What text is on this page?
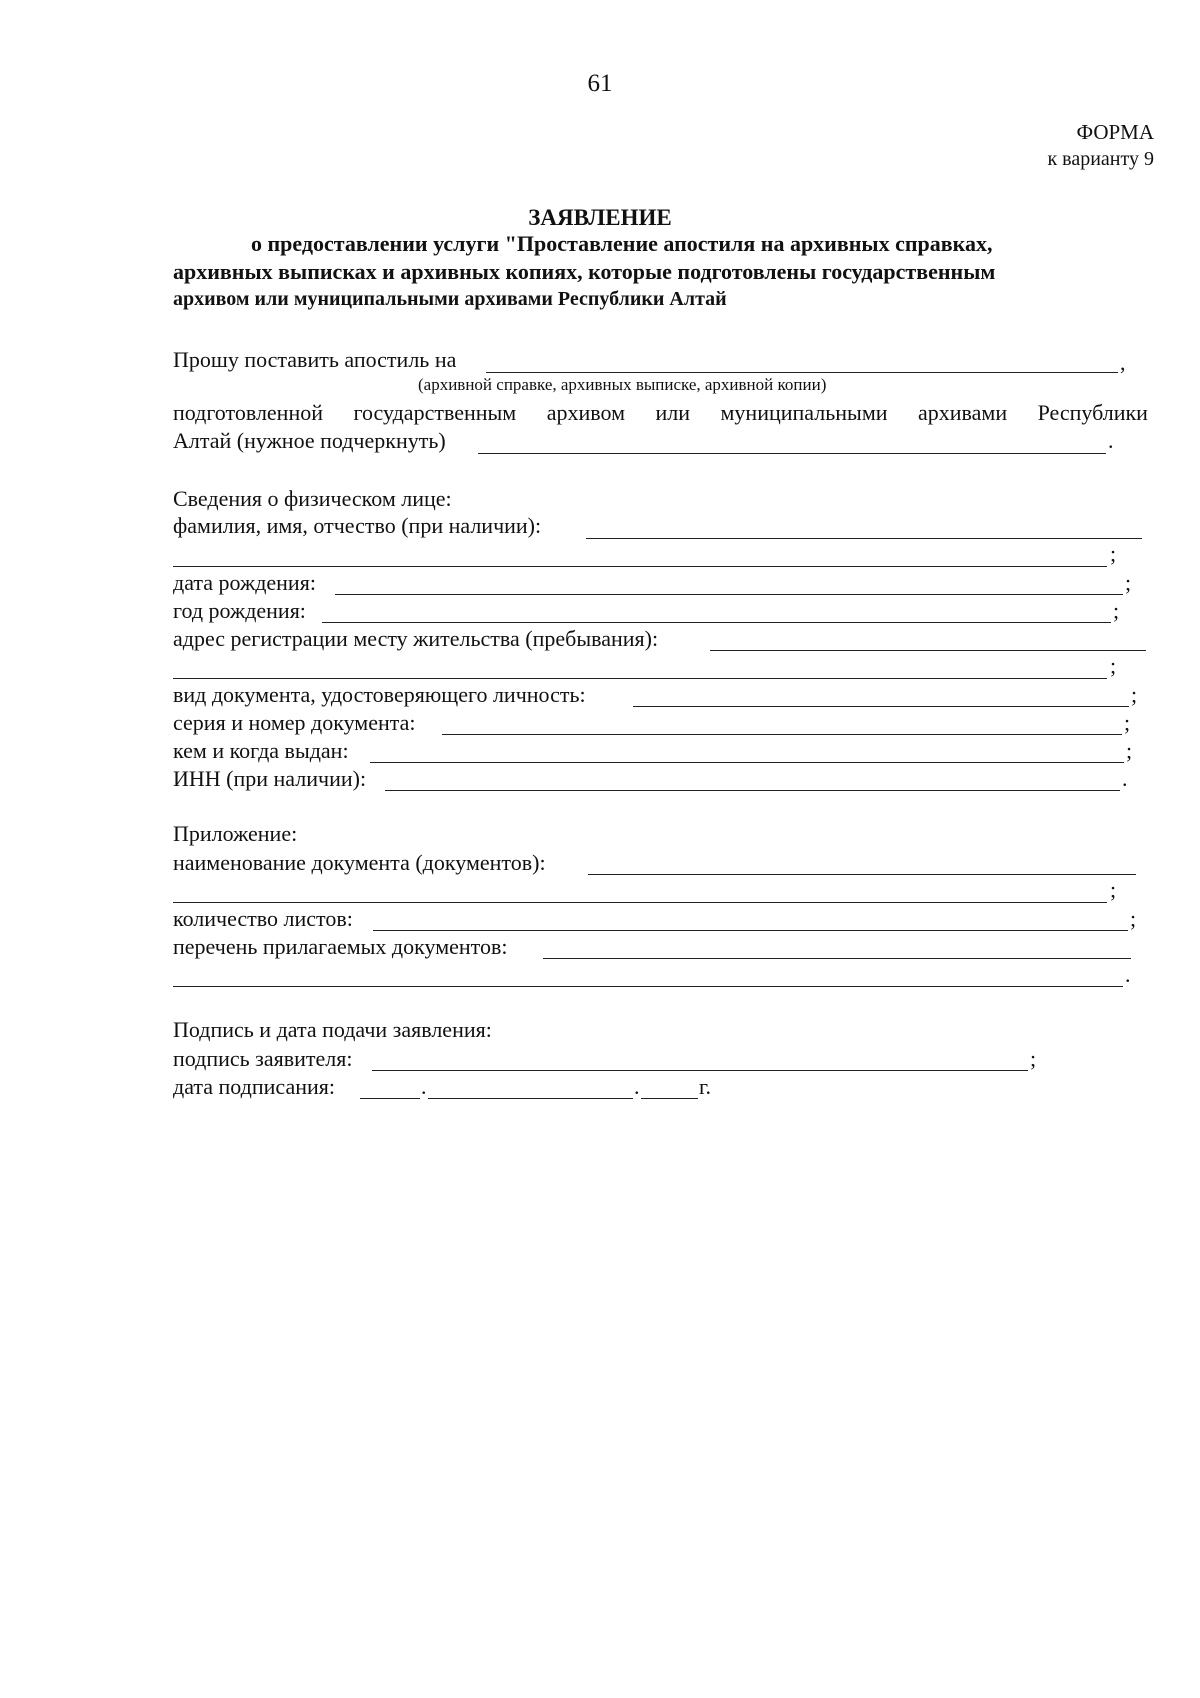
61
ФОРМА
к варианту 9
ЗАЯВЛЕНИЕ
о предоставлении услуги "Проставление апостиля на архивных справках,
архивных выписках и архивных копиях, которые подготовлены государственным
архивом или муниципальными архивами Республики Алтай
Прошу поставить апостиль на	,
(архивной справке, архивных выписке, архивной копии)
подготовленной государственным архивом или муниципальными архивами Республики
Алтай (нужное подчеркнуть)	.
Сведения о физическом лице:
фамилия, имя, отчество (при наличии):
;
дата рождения:	;
год рождения:	;
адрес регистрации месту жительства (пребывания):
;
вид документа, удостоверяющего личность:	;
серия и номер документа:	;
кем и когда выдан:	;
ИНН (при наличии):	.
Приложение:
наименование документа (документов):
;
количество листов:	;
перечень прилагаемых документов:
.
Подпись и дата подачи заявления:
подпись заявителя:	;
дата подписания:	.	.	г.
